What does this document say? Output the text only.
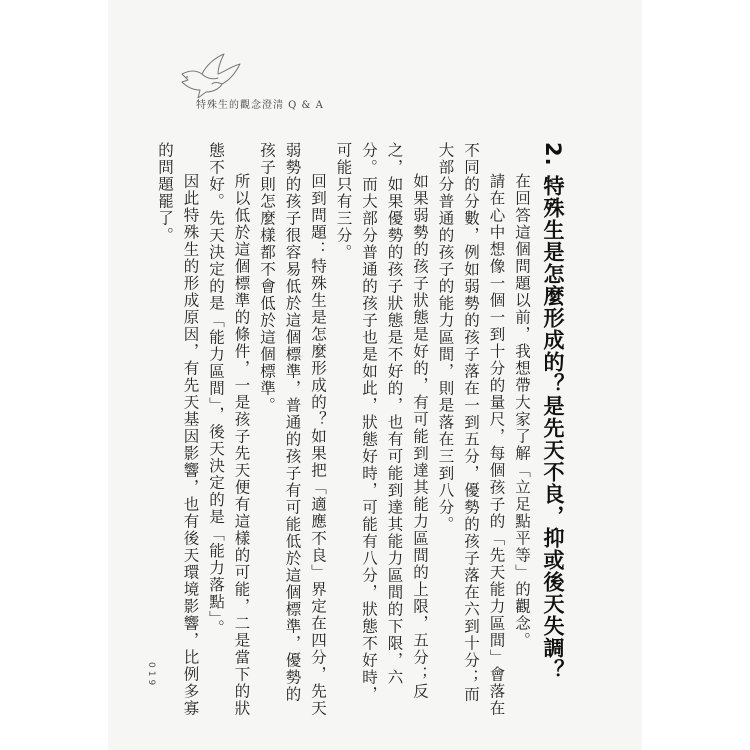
特殊生的觀念澄清 Q & A
2. 特殊生是怎麼形成的？是先天不良，抑或後天失調？

在回答這個問題以前，我想帶大家了解「立足點平等」的觀念。

請在心中想像一個一到十分的量尺，每個孩子的「先天能力區間」會落在不同的分數，例如弱勢的孩子落在一到五分，優勢的孩子落在六到十分；而大部分普通的孩子的能力區間，則是落在三到八分。

如果弱勢的孩子狀態是好的，有可能到達其能力區間的上限，五分；反之，如果優勢的孩子狀態是不好的，也有可能到達其能力區間的下限，六分。而大部分普通的孩子也是如此，狀態好時，可能有八分，狀態不好時，可能只有三分。

回到問題：特殊生是怎麼形成的？如果把「適應不良」界定在四分，先天弱勢的孩子很容易低於這個標準，普通的孩子有可能低於這個標準，優勢的孩子則怎麼樣都不會低於這個標準。

所以低於這個標準的條件，一是孩子先天便有這樣的可能，二是當下的狀態不好。先天決定的是「能力區間」，後天決定的是「能力落點」。

因此特殊生的形成原因，有先天基因影響，也有後天環境影響，比例多寡的問題罷了。

019
